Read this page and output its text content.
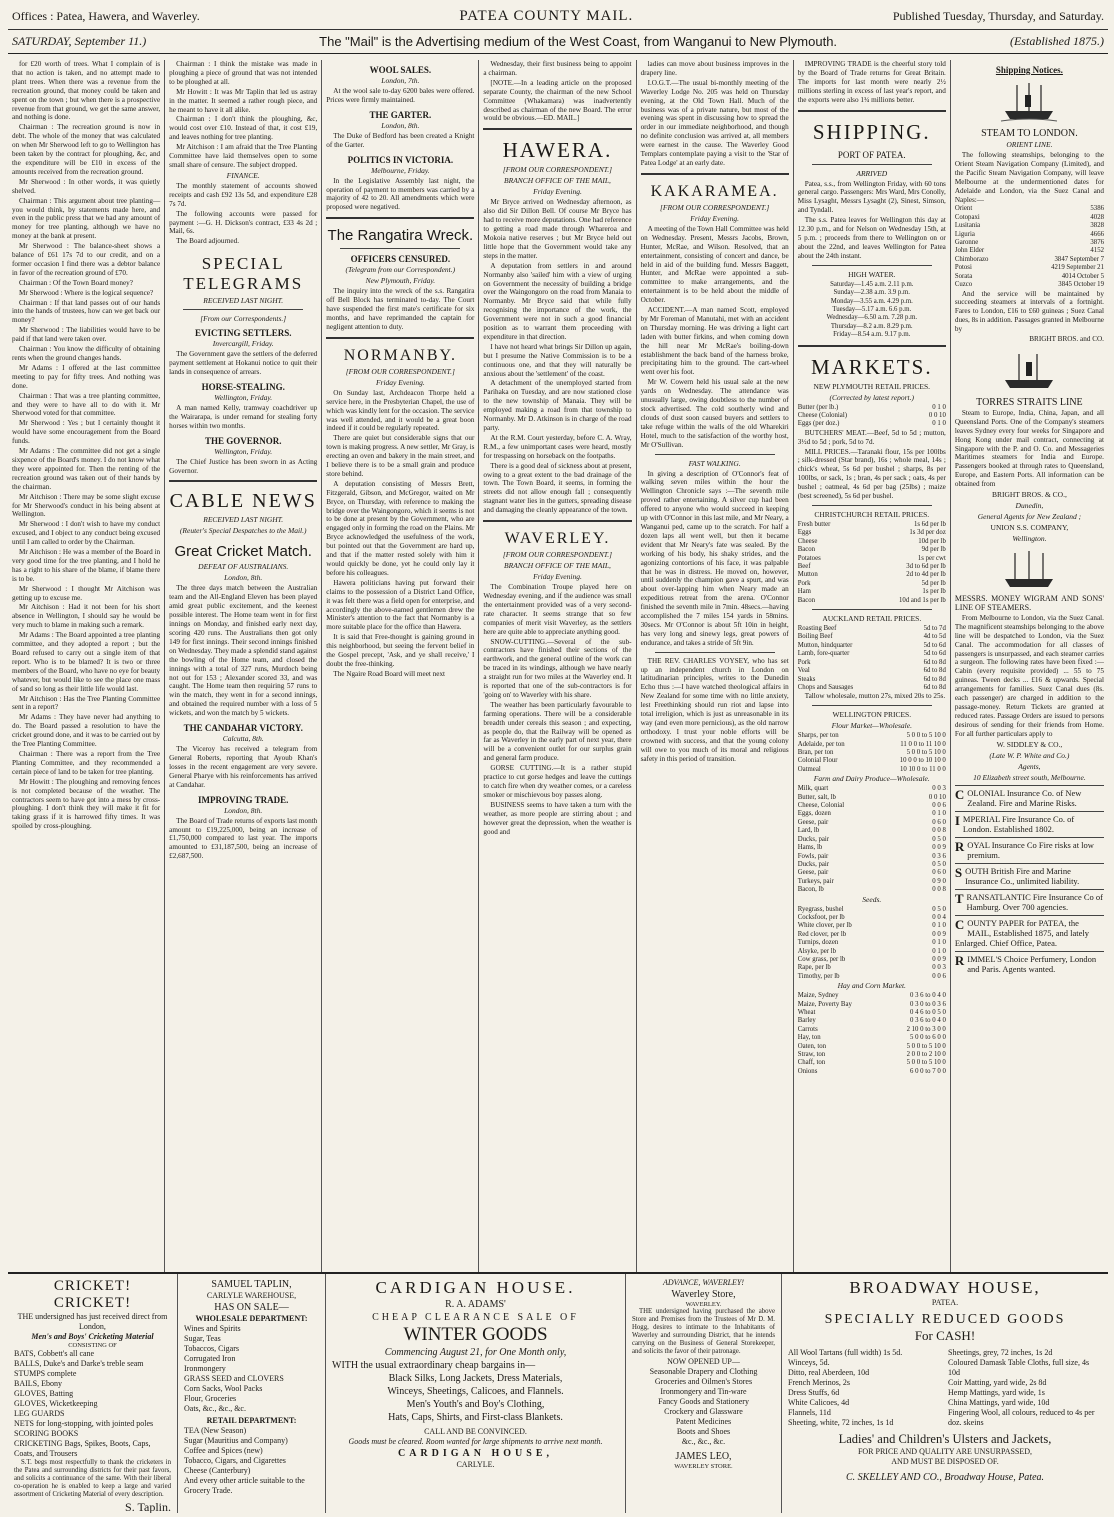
Offices : Patea, Hawera, and Waverley.	PATEA COUNTY MAIL.	Published Tuesday, Thursday, and Saturday.
SATURDAY, September 11.)	The "Mail" is the Advertising medium of the West Coast, from Wanganui to New Plymouth.	(Established 1875.)
for £20 worth of trees. What I complain of is that no action is taken, and no attempt made to plant trees. When there was a revenue from the recreation ground, that money could be taken and spent on the town ; but when there is a prospective revenue from that ground, we get the same answer, and nothing is done.
Chairman : The recreation ground is now in debt. The whole of the money that was calculated on when Mr Sherwood left to go to Wellington has been taken by the contract for ploughing, &c, and the expenditure will be £10 in excess of the amounts received from the recreation ground.
Mr Sherwood : In other words, it was quietly shelved.
Chairman : This argument about tree planting—you would think, by statements made here, and even in the public press that we had any amount of money for tree planting, although we have no money at the bank at present.
Mr Sherwood : The balance-sheet shows a balance of £61 17s 7d to our credit, and on a former occasion I find there was a debtor balance in favor of the recreation ground of £70.
Chairman : Of the Town Board money?
Mr Sherwood : Where is the logical sequence?
Chairman : If that land passes out of our hands into the hands of trustees, how can we get back our money?
Mr Sherwood : The liabilities would have to be paid if that land were taken over.
Chairman : You know the difficulty of obtaining rents when the ground changes hands.
Mr Adams : I offered at the last committee meeting to pay for fifty trees. And nothing was done.
Chairman : That was a tree planting committee, and they were to have all to do with it. Mr Sherwood voted for that committee.
Mr Sherwood : Yes ; but I certainly thought it would have some encouragement from the Board funds.
Mr Adams : The committee did not get a single sixpence of the Board's money. I do not know what they were appointed for. Then the renting of the recreation ground was taken out of their hands by the chairman.
Mr Aitchison : There may be some slight excuse for Mr Sherwood's conduct in his being absent at Wellington.
Mr Sherwood : I don't wish to have my conduct excused, and I object to any conduct being excused until I am called to order by the Chairman.
Mr Aitchison : He was a member of the Board in very good time for the tree planting, and I hold he has a right to his share of the blame, if blame there is to be.
Mr Sherwood : I thought Mr Aitchison was getting up to excuse me.
Mr Aitchison : Had it not been for his short absence in Wellington, I should say he would be very much to blame in making such a remark.
Mr Adams : The Board appointed a tree planting committee, and they adopted a report ; but the Board refused to carry out a single item of that report. Who is to be blamed? It is two or three members of the Board, who have no eye for beauty whatever, but would like to see the place one mass of sand so long as their little life would last.
Mr Aitchison : Has the Tree Planting Committee sent in a report?
Mr Adams : They have never had anything to do. The Board passed a resolution to have the cricket ground done, and it was to be carried out by the Tree Planting Committee.
Chairman : There was a report from the Tree Planting Committee, and they recommended a certain piece of land to be taken for tree planting.
Mr Howitt : The ploughing and removing fences is not completed because of the weather. The contractors seem to have got into a mess by cross-ploughing. I don't think they will make it fit for taking grass if it is harrowed fifty times. It was spoiled by cross-ploughing.
Chairman : I think the mistake was made in ploughing a piece of ground that was not intended to be ploughed at all.
Mr Howitt : It was Mr Taplin that led us astray in the matter. It seemed a rather rough piece, and he meant to have it all alike.
Chairman : I don't think the ploughing, &c, would cost over £10. Instead of that, it cost £19, and leaves nothing for tree planting.
Mr Aitchison : I am afraid that the Tree Planting Committee have laid themselves open to some small share of censure. The subject dropped.
FINANCE.
The monthly statement of accounts showed receipts and cash £92 13s 5d, and expenditure £28 7s 7d.
The following accounts were passed for payment :—G. H. Dickson's contract, £33 4s 2d ; Mail, 6s.
The Board adjourned.
SPECIAL TELEGRAMS
RECEIVED LAST NIGHT.
[From our Correspondents.]
EVICTING SETTLERS.
Invercargill, Friday.
The Government gave the settlers of the deferred payment settlement at Hokanui notice to quit their lands in consequence of arrears.
HORSE-STEALING.
Wellington, Friday.
A man named Kelly, tramway coachdriver up the Wairarapa, is under remand for stealing forty horses within two months.
THE GOVERNOR.
Wellington, Friday.
The Chief Justice has been sworn in as Acting Governor.
CABLE NEWS
RECEIVED LAST NIGHT.
(Reuter's Special Despatches to the Mail.)
Great Cricket Match.
DEFEAT OF AUSTRALIANS.
London, 8th.
The three days match between the Australian team and the All-England Eleven has been played amid great public excitement, and the keenest possible interest. The Home team went in for first innings on Monday, and finished early next day, scoring 420 runs. The Australians then got only 149 for first innings. Their second innings finished on Wednesday. They made a splendid stand against the bowling of the Home team, and closed the innings with a total of 327 runs, Murdoch being not out for 153 ; Alexander scored 33, and was caught. The Home team then requiring 57 runs to win the match, they went in for a second innings, and obtained the required number with a loss of 5 wickets, and won the match by 5 wickets.
THE CANDAHAR VICTORY.
Calcutta, 8th.
The Viceroy has received a telegram from General Roberts, reporting that Ayoub Khan's losses in the recent engagement are very severe. General Pharye with his reinforcements has arrived at Candahar.
IMPROVING TRADE.
London, 8th.
The Board of Trade returns of exports last month amount to £19,225,000, being an increase of £1,750,000 compared to last year. The imports amounted to £31,187,500, being an increase of £2,687,500.
WOOL SALES.
London, 7th.
At the wool sale to-day 6200 bales were offered. Prices were firmly maintained.
THE GARTER.
London, 8th.
The Duke of Bedford has been created a Knight of the Garter.
POLITICS IN VICTORIA.
Melbourne, Friday.
In the Legislative Assembly last night, the operation of payment to members was carried by a majority of 42 to 20. All amendments which were proposed were negatived.
The Rangatira Wreck.
OFFICERS CENSURED.
(Telegram from our Correspondent.)
New Plymouth, Friday.
The inquiry into the wreck of the s.s. Rangatira off Bell Block has terminated to-day. The Court have suspended the first mate's certificate for six months, and have reprimanded the captain for negligent attention to duty.
NORMANBY.
[FROM OUR CORRESPONDENT.]
Friday Evening.
On Sunday last, Archdeacon Thorpe held a service here, in the Presbyterian Chapel, the use of which was kindly lent for the occasion. The service was well attended, and it would be a great boon indeed if it could be regularly repeated.
There are quiet but considerable signs that our town is making progress. A new settler, Mr Gray, is erecting an oven and bakery in the main street, and I believe there is to be a small grain and produce store behind.
A deputation consisting of Messrs Brett, Fitzgerald, Gibson, and McGregor, waited on Mr Bryce, on Thursday, with reference to making the bridge over the Waingongoro, which it seems is not to be done at present by the Government, who are engaged only in forming the road on the Plains. Mr Bryce acknowledged the usefulness of the work, but pointed out that the Government are hard up, and that if the matter rested solely with him it would quickly be done, yet he could only lay it before his colleagues.
Hawera politicians having put forward their claims to the possession of a District Land Office, it was felt there was a field open for enterprise, and accordingly the above-named gentlemen drew the Minister's attention to the fact that Normanby is a more suitable place for the office than Hawera.
It is said that Free-thought is gaining ground in this neighborhood, but seeing the fervent belief in the Gospel precept, 'Ask, and ye shall receive,' I doubt the free-thinking.
The Ngaire Road Board will meet next
Wednesday, their first business being to appoint a chairman.
[NOTE.—In a leading article on the proposed separate County, the chairman of the new School Committee (Whakamara) was inadvertently described as chairman of the new Board. The error would be obvious.—ED. MAIL.]
HAWERA.
[FROM OUR CORRESPONDENT.]
BRANCH OFFICE OF THE MAIL,
Friday Evening.
Mr Bryce arrived on Wednesday afternoon, as also did Sir Dillon Bell. Of course Mr Bryce has had to receive more deputations. One had reference to getting a road made through Whareroa and Mokoia native reserves ; but Mr Bryce held out little hope that the Government would take any steps in the matter.
A deputation from settlers in and around Normanby also 'sailed' him with a view of urging on Government the necessity of building a bridge over the Waingongoro on the road from Manaia to Normanby. Mr Bryce said that while fully recognising the importance of the work, the Government were not in such a good financial position as to warrant them proceeding with expenditure in that direction.
I have not heard what brings Sir Dillon up again, but I presume the Native Commission is to be a continuous one, and that they will naturally be anxious about the 'settlement' of the coast.
A detachment of the unemployed started from Parihaka on Tuesday, and are now stationed close to the new township of Manaia. They will be employed making a road from that township to Normanby. Mr D. Atkinson is in charge of the road party.
At the R.M. Court yesterday, before C. A. Wray, R.M., a few unimportant cases were heard, mostly for trespassing on horseback on the footpaths.
There is a good deal of sickness about at present, owing to a great extent to the bad drainage of the town. The Town Board, it seems, in forming the streets did not allow enough fall ; consequently stagnant water lies in the gutters, spreading disease and damaging the cleanly appearance of the town.
WAVERLEY.
[FROM OUR CORRESPONDENT.]
BRANCH OFFICE OF THE MAIL,
Friday Evening.
The Combination Troupe played here on Wednesday evening, and if the audience was small the entertainment provided was of a very second-rate character. It seems strange that so few companies of merit visit Waverley, as the settlers here are quite able to appreciate anything good.
SNOW-CUTTING.—Several of the sub-contractors have finished their sections of the earthwork, and the general outline of the work can be traced in its windings, although we have nearly a straight run for two miles at the Waverley end. It is reported that one of the sub-contractors is for 'going on' to Waverley with his share.
The weather has been particularly favourable to farming operations. There will be a considerable breadth under cereals this season ; and expecting, as people do, that the Railway will be opened as far as Waverley in the early part of next year, there will be a convenient outlet for our surplus grain and general farm produce.
GORSE CUTTING.—It is a rather stupid practice to cut gorse hedges and leave the cuttings to catch fire when dry weather comes, or a careless smoker or mischievous boy passes along.
BUSINESS seems to have taken a turn with the weather, as more people are stirring about ; and however great the depression, when the weather is good and
ladies can move about business improves in the drapery line.
I.O.G.T.—The usual bi-monthly meeting of the Waverley Lodge No. 205 was held on Thursday evening, at the Old Town Hall. Much of the business was of a private nature, but most of the evening was spent in discussing how to spread the order in our immediate neighborhood, and though no definite conclusion was arrived at, all members were earnest in the cause. The Waverley Good Templars contemplate paying a visit to the 'Star of Patea Lodge' at an early date.
KAKARAMEA.
[FROM OUR CORRESPONDENT.]
Friday Evening.
A meeting of the Town Hall Committee was held on Wednesday. Present, Messrs Jacobs, Brown, Hunter, McRae, and Wilson. Resolved, that an entertainment, consisting of concert and dance, be held in aid of the building fund. Messrs Baggett, Hunter, and McRae were appointed a sub-committee to make arrangements, and the entertainment is to be held about the middle of October.
ACCIDENT.—A man named Scott, employed by Mr Foreman of Manutahi, met with an accident on Thursday morning. He was driving a light cart laden with butter firkins, and when coming down the hill near Mr McRae's boiling-down establishment the back band of the harness broke, precipitating him to the ground. The cart-wheel went over his foot.
Mr W. Cowern held his usual sale at the new yards on Wednesday. The attendance was unusually large, owing doubtless to the number of stock advertised. The cold southerly wind and clouds of dust soon caused buyers and settlers to take refuge within the walls of the old Wharekiri Hotel, much to the satisfaction of the worthy host, Mr O'Sullivan.
FAST WALKING.
In giving a description of O'Connor's feat of walking seven miles within the hour the Wellington Chronicle says :—The seventh mile proved rather entertaining. A silver cup had been offered to anyone who would succeed in keeping up with O'Connor in this last mile, and Mr Neary, a Wanganui ped, came up to the scratch. For half a dozen laps all went well, but then it became evident that Mr Neary's fate was sealed. By the working of his body, his shaky strides, and the agonizing contortions of his face, it was palpable that he was in distress. He moved on, however, until suddenly the champion gave a spurt, and was about over-lapping him when Neary made an expeditious retreat from the arena. O'Connor finished the seventh mile in 7min. 48secs.—having accomplished the 7 miles 154 yards in 58mins. 30secs. Mr O'Connor is about 5ft 10in in height, has very long and sinewy legs, great powers of endurance, and takes a stride of 5ft 9in.
THE REV. CHARLES VOYSEY, who has set up an independent church in London on latitudinarian principles, writes to the Dunedin Echo thus :—I have watched theological affairs in New Zealand for some time with no little anxiety, lest Freethinking should run riot and lapse into total irreligion, which is just as unreasonable in its way (and even more pernicious), as the old narrow orthodoxy. I trust your noble efforts will be crowned with success, and that the young colony will owe to you much of its moral and religious safety in this period of transition.
IMPROVING TRADE is the cheerful story told by the Board of Trade returns for Great Britain. The imports for last month were nearly 2½ millions sterling in excess of last year's report, and the exports were also 1¾ millions better.
SHIPPING.
PORT OF PATEA.
ARRIVED
Patea, s.s., from Wellington Friday, with 60 tons general cargo. Passengers: Mrs Ward, Mrs Conolly, Miss Lysaght, Messrs Lysaght (2), Sinest, Simson, and Tyndall.
The s.s. Patea leaves for Wellington this day at 12.30 p.m., and for Nelson on Wednesday 15th, at 5 p.m. ; proceeds from there to Wellington on or about the 22nd, and leaves Wellington for Patea about the 24th instant.
HIGH WATER.
Saturday—1.45 a.m. 2.11 p.m.
Sunday—2.38 a.m. 3.9 p.m.
Monday—3.55 a.m. 4.29 p.m.
Tuesday—5.17 a.m. 6.6 p.m.
Wednesday—6.50 a.m. 7.28 p.m.
Thursday—8.2 a.m. 8.29 p.m.
Friday—8.54 a.m. 9.17 p.m.
MARKETS.
NEW PLYMOUTH RETAIL PRICES.
(Corrected by latest report.)
Butter (per lb.)	0 1 0
Cheese (Colonial)	0 0 10
Eggs (per doz.)	0 1 0
BUTCHERS' MEAT.—Beef, 5d to 5d ; mutton, 3½d to 5d ; pork, 5d to 7d.
MILL PRICES.—Taranaki flour, 15s per 100lbs ; silk-dressed (Star brand), 16s ; whole meal, 14s ; chick's wheat, 5s 6d per bushel ; sharps, 8s per 100lbs, or sack, 1s ; bran, 4s per sack ; oats, 4s per bushel ; oatmeal, 4s 6d per bag (25lbs) ; maize (best screened), 5s 6d per bushel.
CHRISTCHURCH RETAIL PRICES.
Fresh butter	1s 6d per lb
Eggs	1s 3d per doz
Cheese	10d per lb
Bacon	9d per lb
Potatoes	1s per cwt
Beef	3d to 6d per lb
Mutton	2d to 4d per lb
Pork	5d per lb
Ham	1s per lb
Bacon	10d and 1s per lb
AUCKLAND RETAIL PRICES.
Roasting Beef	5d to 7d
Boiling Beef	4d to 5d
Mutton, hindquarter	5d to 6d
Lamb, fore-quarter	5d to 6d
Pork	6d to 8d
Veal	6d to 8d
Steaks	6d to 8d
Chops and Sausages	6d to 8d
Tallow wholesale, mutton 27s, mixed 20s to 25s.
WELLINGTON PRICES.
Flour Market—Wholesale.
Sharps, per ton	5 0 0 to 5 10 0
Adelaide, per ton	11 0 0 to 11 10 0
Bran, per ton	5 0 0 to 5 10 0
Colonial Flour	10 0 0 to 10 10 0
Oatmeal	10 10 0 to 11 0 0
Farm and Dairy Produce—Wholesale.
Milk, quart	0 0 3
Butter, salt, lb	0 0 10
Cheese, Colonial	0 0 6
Eggs, dozen	0 1 0
Geese, pair	0 6 0
Lard, lb	0 0 8
Ducks, pair	0 5 0
Hams, lb	0 0 9
Fowls, pair	0 3 6
Ducks, pair	0 5 0
Geese, pair	0 6 0
Turkeys, pair	0 9 0
Bacon, lb	0 0 8
Seeds.
Ryegrass, bushel	0 5 0
Cocksfoot, per lb	0 0 4
White clover, per lb	0 1 0
Red clover, per lb	0 0 9
Turnips, dozen	0 1 0
Alsyke, per lb	0 1 0
Cow grass, per lb	0 0 9
Rape, per lb	0 0 3
Timothy, per lb	0 0 6
Hay and Corn Market.
Maize, Sydney	0 3 6 to 0 4 0
Maize, Poverty Bay	0 3 0 to 0 3 6
Wheat	0 4 6 to 0 5 0
Barley	0 3 6 to 0 4 0
Carrots	2 10 0 to 3 0 0
Hay, ton	5 0 0 to 6 0 0
Oaten, ton	5 0 0 to 5 10 0
Straw, ton	2 0 0 to 2 10 0
Chaff, ton	5 0 0 to 5 10 0
Onions	6 0 0 to 7 0 0
Shipping Notices.
STEAM TO LONDON.
ORIENT LINE.
The following steamships, belonging to the Orient Steam Navigation Company (Limited), and the Pacific Steam Navigation Company, will leave Melbourne at the undermentioned dates for Adelaide and London, via the Suez Canal and Naples:—
Orient	5386
Cotopaxi	4028
Lusitania	3828
Liguria	4666
Garonne	3876
John Elder	4152
Chimborazo	3847 September 7
Potosi	4219 September 21
Sorata	4014 October 5
Cuzco	3845 October 19
And the service will be maintained by succeeding steamers at intervals of a fortnight. Fares to London, £16 to £60 guineas ; Suez Canal dues, 8s in addition. Passages granted in Melbourne by
BRIGHT BROS. and CO.
TORRES STRAITS LINE
Steam to Europe, India, China, Japan, and all Queensland Ports. One of the Company's steamers leaves Sydney every four weeks for Singapore and Hong Kong under mail contract, connecting at Singapore with the P. and O. Co. and Messageries Maritimes steamers for India and Europe. Passengers booked at through rates to Queensland, Europe, and Eastern Ports. All information can be obtained from
BRIGHT BROS. & CO.,
Dunedin,
General Agents for New Zealand ;
UNION S.S. COMPANY,
Wellington.
MESSRS. MONEY WIGRAM AND SONS' LINE OF STEAMERS.
From Melbourne to London, via the Suez Canal. The magnificent steamships belonging to the above line will be despatched to London, via the Suez Canal. The accommodation for all classes of passengers is unsurpassed, and each steamer carries a surgeon. The following rates have been fixed :—Cabin (every requisite provided) ... 55 to 75 guineas. Tween decks ... £16 & upwards. Special arrangements for families. Suez Canal dues (8s. each passenger) are charged in addition to the passage-money. Return Tickets are granted at reduced rates. Passage Orders are issued to persons desirous of sending for their friends from Home. For all further particulars apply to
W. SIDDLEY & CO.,
(Late W. P. White and Co.)
Agents,
10 Elizabeth street south, Melbourne.
COLONIAL Insurance Co. of New Zealand. Fire and Marine Risks.
IMPERIAL Fire Insurance Co. of London. Established 1802.
ROYAL Insurance Co Fire risks at low premium.
SOUTH British Fire and Marine Insurance Co., unlimited liability.
TRANSATLANTIC Fire Insurance Co of Hamburg. Over 700 agencies.
COUNTY PAPER for PATEA, the MAIL, Established 1875, and lately Enlarged. Chief Office, Patea.
RIMMEL'S Choice Perfumery, London and Paris. Agents wanted.
CRICKET! CRICKET!
THE undersigned has just received direct from London,
Men's and Boys' Cricketing Material
CONSISTING OF
BATS, Cobbett's all cane
BALLS, Duke's and Darke's treble seam
STUMPS complete
BAILS, Ebony
GLOVES, Batting
GLOVES, Wicketkeeping
LEG GUARDS
NETS for long-stopping, with jointed poles
SCORING BOOKS
CRICKETING Bags, Spikes, Boots, Caps, Coats, and Trousers
S.T. begs most respectfully to thank the cricketers in the Patea and surrounding districts for their past favors, and solicits a continuance of the same. With their liberal co-operation he is enabled to keep a large and varied assortment of Cricketing Material of every description.
S. Taplin.
SAMUEL TAPLIN,
CARLYLE WAREHOUSE,
HAS ON SALE—
WHOLESALE DEPARTMENT:
Wines and Spirits
Sugar, Teas
Tobaccos, Cigars
Corrugated Iron
Ironmongery
GRASS SEED and CLOVERS
Corn Sacks, Wool Packs
Flour, Groceries
Oats, &c., &c., &c.
RETAIL DEPARTMENT:
TEA (New Season)
Sugar (Mauritius and Company)
Coffee and Spices (new)
Tobacco, Cigars, and Cigarettes
Cheese (Canterbury)
And every other article suitable to the Grocery Trade.
CARDIGAN HOUSE.
R. A. ADAMS'
CHEAP CLEARANCE SALE OF
WINTER GOODS
Commencing August 21, for One Month only,
WITH the usual extraordinary cheap bargains in—
Black Silks, Long Jackets, Dress Materials,
Winceys, Sheetings, Calicoes, and Flannels.
Men's Youth's and Boy's Clothing,
Hats, Caps, Shirts, and First-class Blankets.
CALL AND BE CONVINCED.
Goods must be cleared. Room wanted for large shipments to arrive next month.
CARDIGAN HOUSE,
CARLYLE.
ADVANCE, WAVERLEY!
Waverley Store,
WAVERLEY.
THE undersigned having purchased the above Store and Premises from the Trustees of Mr D. M. Hogg, desires to intimate to the Inhabitants of Waverley and surrounding District, that he intends carrying on the Business of General Storekeeper, and solicits the favor of their patronage.
NOW OPENED UP—
Seasonable Drapery and Clothing
Groceries and Oilmen's Stores
Ironmongery and Tin-ware
Fancy Goods and Stationery
Crockery and Glassware
Patent Medicines
Boots and Shoes
&c., &c., &c.
JAMES LEO,
WAVERLEY STORE.
BROADWAY HOUSE,
PATEA.
SPECIALLY REDUCED GOODS
For CASH!
All Wool Tartans (full width) 1s 5d.
Winceys, 5d.
Ditto, real Aberdeen, 10d
French Merinos, 2s
Dress Stuffs, 6d
White Calicoes, 4d
Flannels, 11d
Sheeting, white, 72 inches, 1s 1d
Sheetings, grey, 72 inches, 1s 2d
Coloured Damask Table Cloths, full size, 4s 10d
Coir Matting, yard wide, 2s 8d
Hemp Mattings, yard wide, 1s
China Mattings, yard wide, 10d
Fingering Wool, all colours, reduced to 4s per doz. skeins
Ladies' and Children's Ulsters and Jackets,
FOR PRICE AND QUALITY ARE UNSURPASSED,
AND MUST BE DISPOSED OF.
C. SKELLEY AND CO., Broadway House, Patea.
